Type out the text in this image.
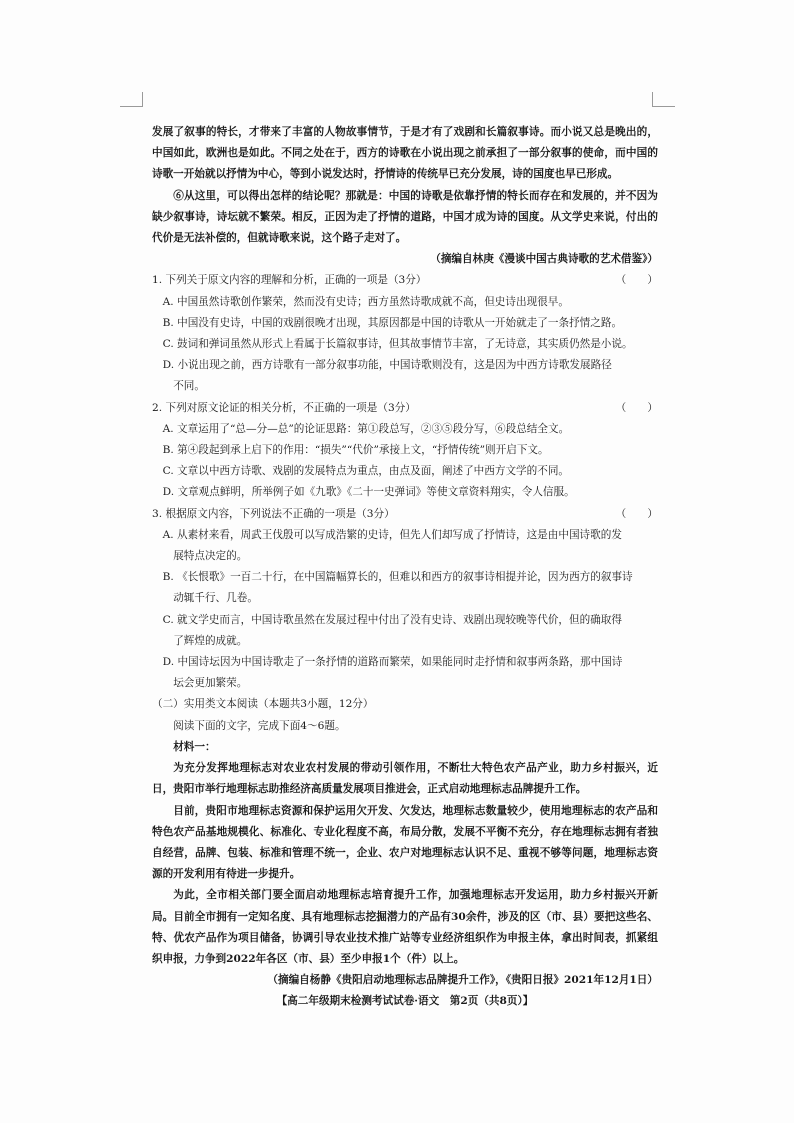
发展了叙事的特长，才带来了丰富的人物故事情节，于是才有了戏剧和长篇叙事诗。而小说又总是晚出的，中国如此，欧洲也是如此。不同之处在于，西方的诗歌在小说出现之前承担了一部分叙事的使命，而中国的诗歌一开始就以抒情为中心，等到小说发达时，抒情诗的传统早已充分发展，诗的国度也早已形成。

⑥从这里，可以得出怎样的结论呢？那就是：中国的诗歌是依靠抒情的特长而存在和发展的，并不因为缺少叙事诗，诗坛就不繁荣。相反，正因为走了抒情的道路，中国才成为诗的国度。从文学史来说，付出的代价是无法补偿的，但就诗歌来说，这个路子走对了。

（摘编自林庚《漫谈中国古典诗歌的艺术借鉴》）

1. 下列关于原文内容的理解和分析，正确的一项是（3分）	（　　）

A. 中国虽然诗歌创作繁荣，然而没有史诗；西方虽然诗歌成就不高，但史诗出现很早。

B. 中国没有史诗，中国的戏剧很晚才出现，其原因都是中国的诗歌从一开始就走了一条抒情之路。

C. 鼓词和弹词虽然从形式上看属于长篇叙事诗，但其故事情节丰富，了无诗意，其实质仍然是小说。

D. 小说出现之前，西方诗歌有一部分叙事功能，中国诗歌则没有，这是因为中西方诗歌发展路径

不同。

2. 下列对原文论证的相关分析，不正确的一项是（3分）	（　　）

A. 文章运用了“总—分—总”的论证思路：第①段总写，②③⑤段分写，⑥段总结全文。

B. 第④段起到承上启下的作用：“损失”“代价”承接上文，“抒情传统”则开启下文。

C. 文章以中西方诗歌、戏剧的发展特点为重点，由点及面，阐述了中西方文学的不同。

D. 文章观点鲜明，所举例子如《九歌》《二十一史弹词》等使文章资料翔实，令人信服。

3. 根据原文内容，下列说法不正确的一项是（3分）	（　　）

A. 从素材来看，周武王伐殷可以写成浩繁的史诗，但先人们却写成了抒情诗，这是由中国诗歌的发

展特点决定的。

B. 《长恨歌》一百二十行，在中国篇幅算长的，但难以和西方的叙事诗相提并论，因为西方的叙事诗

动辄千行、几卷。

C. 就文学史而言，中国诗歌虽然在发展过程中付出了没有史诗、戏剧出现较晚等代价，但的确取得

了辉煌的成就。

D. 中国诗坛因为中国诗歌走了一条抒情的道路而繁荣，如果能同时走抒情和叙事两条路，那中国诗

坛会更加繁荣。

（二）实用类文本阅读（本题共3小题，12分）

阅读下面的文字，完成下面4～6题。

材料一：

为充分发挥地理标志对农业农村发展的带动引领作用，不断壮大特色农产品产业，助力乡村振兴，近日，贵阳市举行地理标志助推经济高质量发展项目推进会，正式启动地理标志品牌提升工作。

目前，贵阳市地理标志资源和保护运用欠开发、欠发达，地理标志数量较少，使用地理标志的农产品和特色农产品基地规模化、标准化、专业化程度不高，布局分散，发展不平衡不充分，存在地理标志拥有者独自经营，品牌、包装、标准和管理不统一，企业、农户对地理标志认识不足、重视不够等问题，地理标志资源的开发利用有待进一步提升。

为此，全市相关部门要全面启动地理标志培育提升工作，加强地理标志开发运用，助力乡村振兴开新局。目前全市拥有一定知名度、具有地理标志挖掘潜力的产品有30余件，涉及的区（市、县）要把这些名、特、优农产品作为项目储备，协调引导农业技术推广站等专业经济组织作为申报主体，拿出时间表，抓紧组织申报，力争到2022年各区（市、县）至少申报1个（件）以上。

（摘编自杨静《贵阳启动地理标志品牌提升工作》，《贵阳日报》2021年12月1日）

【高二年级期末检测考试试卷·语文　第2页（共8页）】
